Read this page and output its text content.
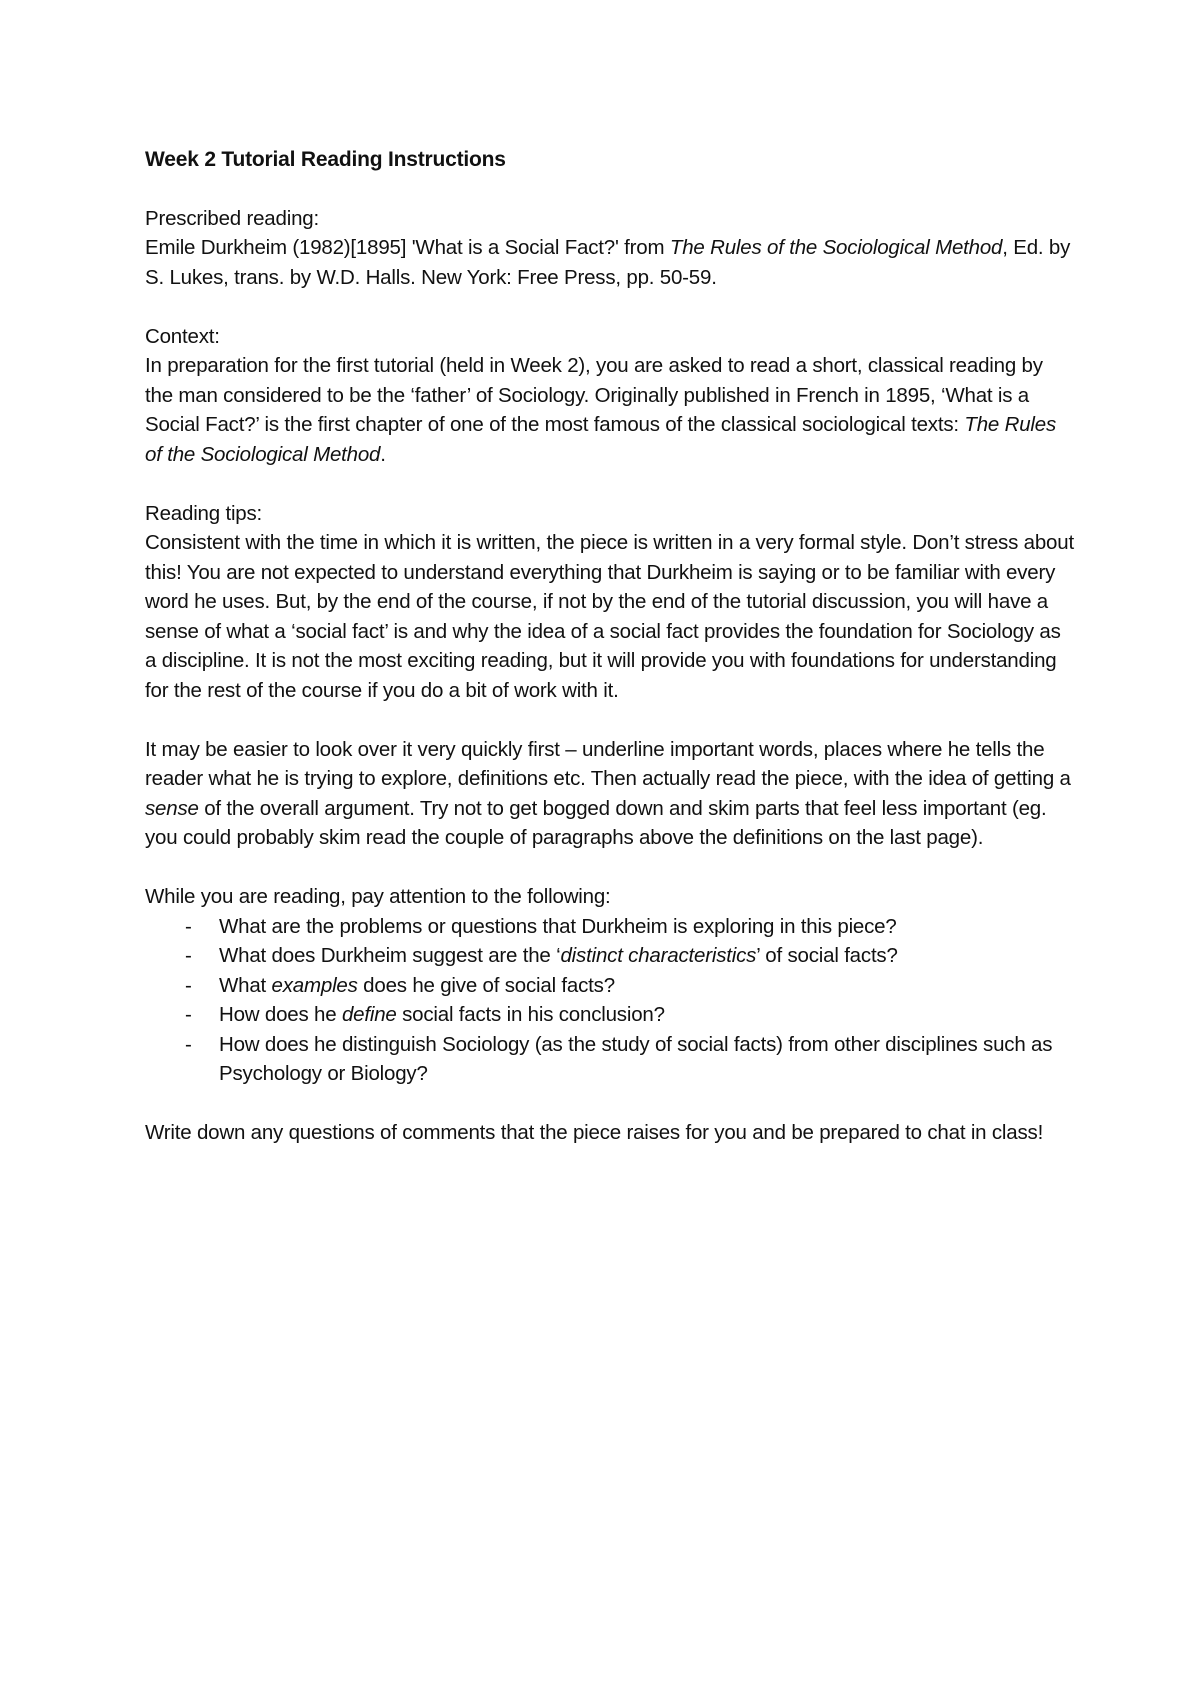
Week 2 Tutorial Reading Instructions

Prescribed reading:

Emile Durkheim (1982)[1895] 'What is a Social Fact?' from The Rules of the Sociological Method, Ed. by S. Lukes, trans. by W.D. Halls. New York: Free Press, pp. 50-59.

Context:

In preparation for the first tutorial (held in Week 2), you are asked to read a short, classical reading by the man considered to be the ‘father’ of Sociology. Originally published in French in 1895, ‘What is a Social Fact?’ is the first chapter of one of the most famous of the classical sociological texts: The Rules of the Sociological Method.

Reading tips:

Consistent with the time in which it is written, the piece is written in a very formal style. Don’t stress about this! You are not expected to understand everything that Durkheim is saying or to be familiar with every word he uses. But, by the end of the course, if not by the end of the tutorial discussion, you will have a sense of what a ‘social fact’ is and why the idea of a social fact provides the foundation for Sociology as a discipline. It is not the most exciting reading, but it will provide you with foundations for understanding for the rest of the course if you do a bit of work with it.

It may be easier to look over it very quickly first – underline important words, places where he tells the reader what he is trying to explore, definitions etc. Then actually read the piece, with the idea of getting a sense of the overall argument. Try not to get bogged down and skim parts that feel less important (eg. you could probably skim read the couple of paragraphs above the definitions on the last page).

While you are reading, pay attention to the following:

- What are the problems or questions that Durkheim is exploring in this piece?
- What does Durkheim suggest are the ‘distinct characteristics’ of social facts?
- What examples does he give of social facts?
- How does he define social facts in his conclusion?
- How does he distinguish Sociology (as the study of social facts) from other disciplines such as Psychology or Biology?

Write down any questions of comments that the piece raises for you and be prepared to chat in class!
